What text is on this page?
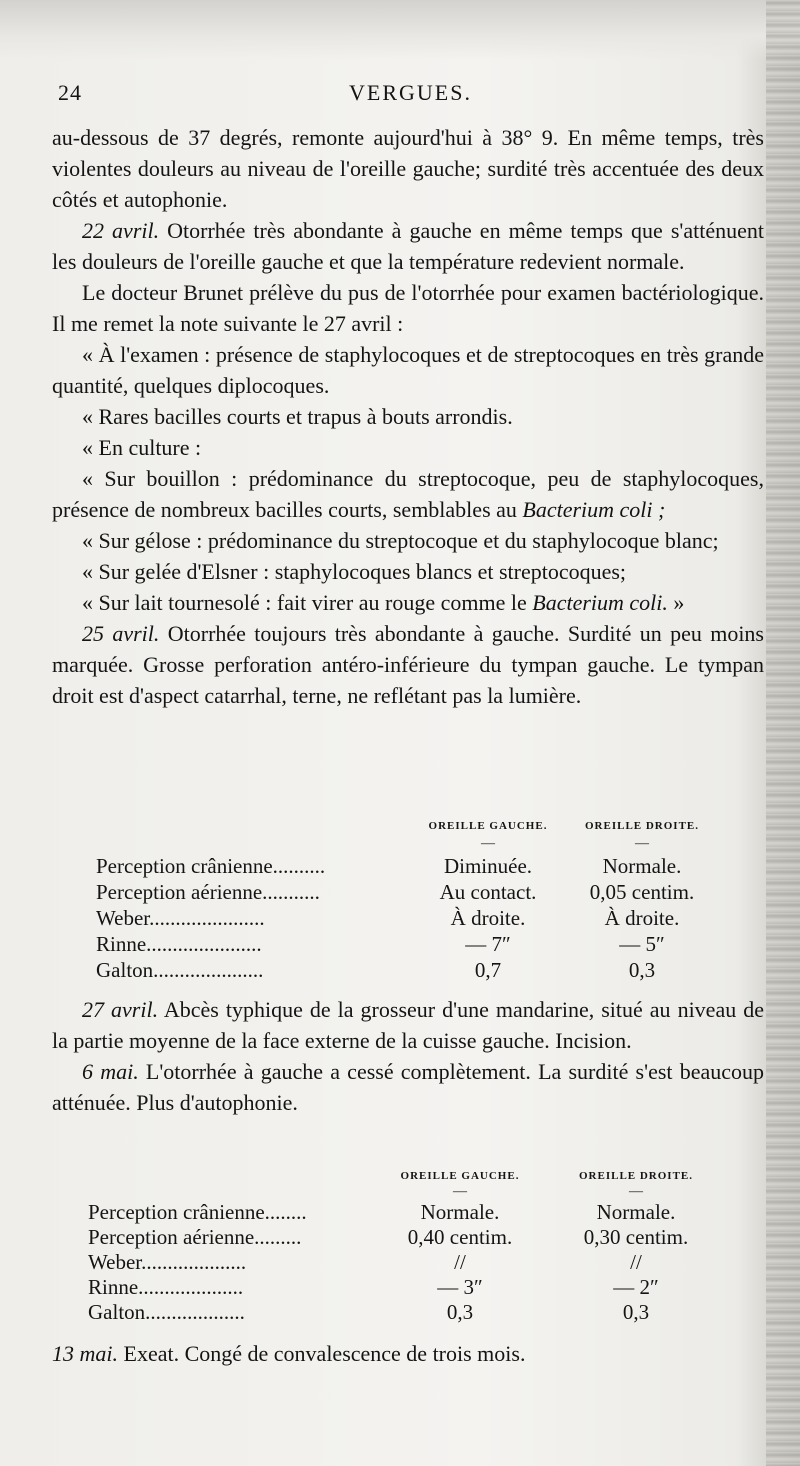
24	VERGUES.

au-dessous de 37 degrés, remonte aujourd'hui à 38° 9. En même temps, très violentes douleurs au niveau de l'oreille gauche; surdité très accentuée des deux côtés et autophonie.

22 avril. Otorrhée très abondante à gauche en même temps que s'atténuent les douleurs de l'oreille gauche et que la température redevient normale.

Le docteur Brunet prélève du pus de l'otorrhée pour examen bactériologique. Il me remet la note suivante le 27 avril :

« À l'examen : présence de staphylocoques et de streptocoques en très grande quantité, quelques diplocoques.

« Rares bacilles courts et trapus à bouts arrondis.

« En culture :

« Sur bouillon : prédominance du streptocoque, peu de staphylocoques, présence de nombreux bacilles courts, semblables au Bacterium coli ;

« Sur gélose : prédominance du streptocoque et du staphylocoque blanc;

« Sur gelée d'Elsner : staphylocoques blancs et streptocoques;

« Sur lait tournesolé : fait virer au rouge comme le Bacterium coli. »

25 avril. Otorrhée toujours très abondante à gauche. Surdité un peu moins marquée. Grosse perforation antéro-inférieure du tympan gauche. Le tympan droit est d'aspect catarrhal, terne, ne reflétant pas la lumière.

OREILLE GAUCHE.	OREILLE DROITE.
—	—
Perception crânienne..........	Diminuée.	Normale.
Perception aérienne...........	Au contact.	0,05 centim.
Weber......................	À droite.	À droite.
Rinne......................	— 7″	— 5″
Galton.....................	0,7	0,3

27 avril. Abcès typhique de la grosseur d'une mandarine, situé au niveau de la partie moyenne de la face externe de la cuisse gauche. Incision.

6 mai. L'otorrhée à gauche a cessé complètement. La surdité s'est beaucoup atténuée. Plus d'autophonie.

OREILLE GAUCHE.	OREILLE DROITE.
—	—
Perception crânienne........	Normale.	Normale.
Perception aérienne.........	0,40 centim.	0,30 centim.
Weber....................	//	//
Rinne....................	— 3″	— 2″
Galton...................	0,3	0,3

13 mai. Exeat. Congé de convalescence de trois mois.
